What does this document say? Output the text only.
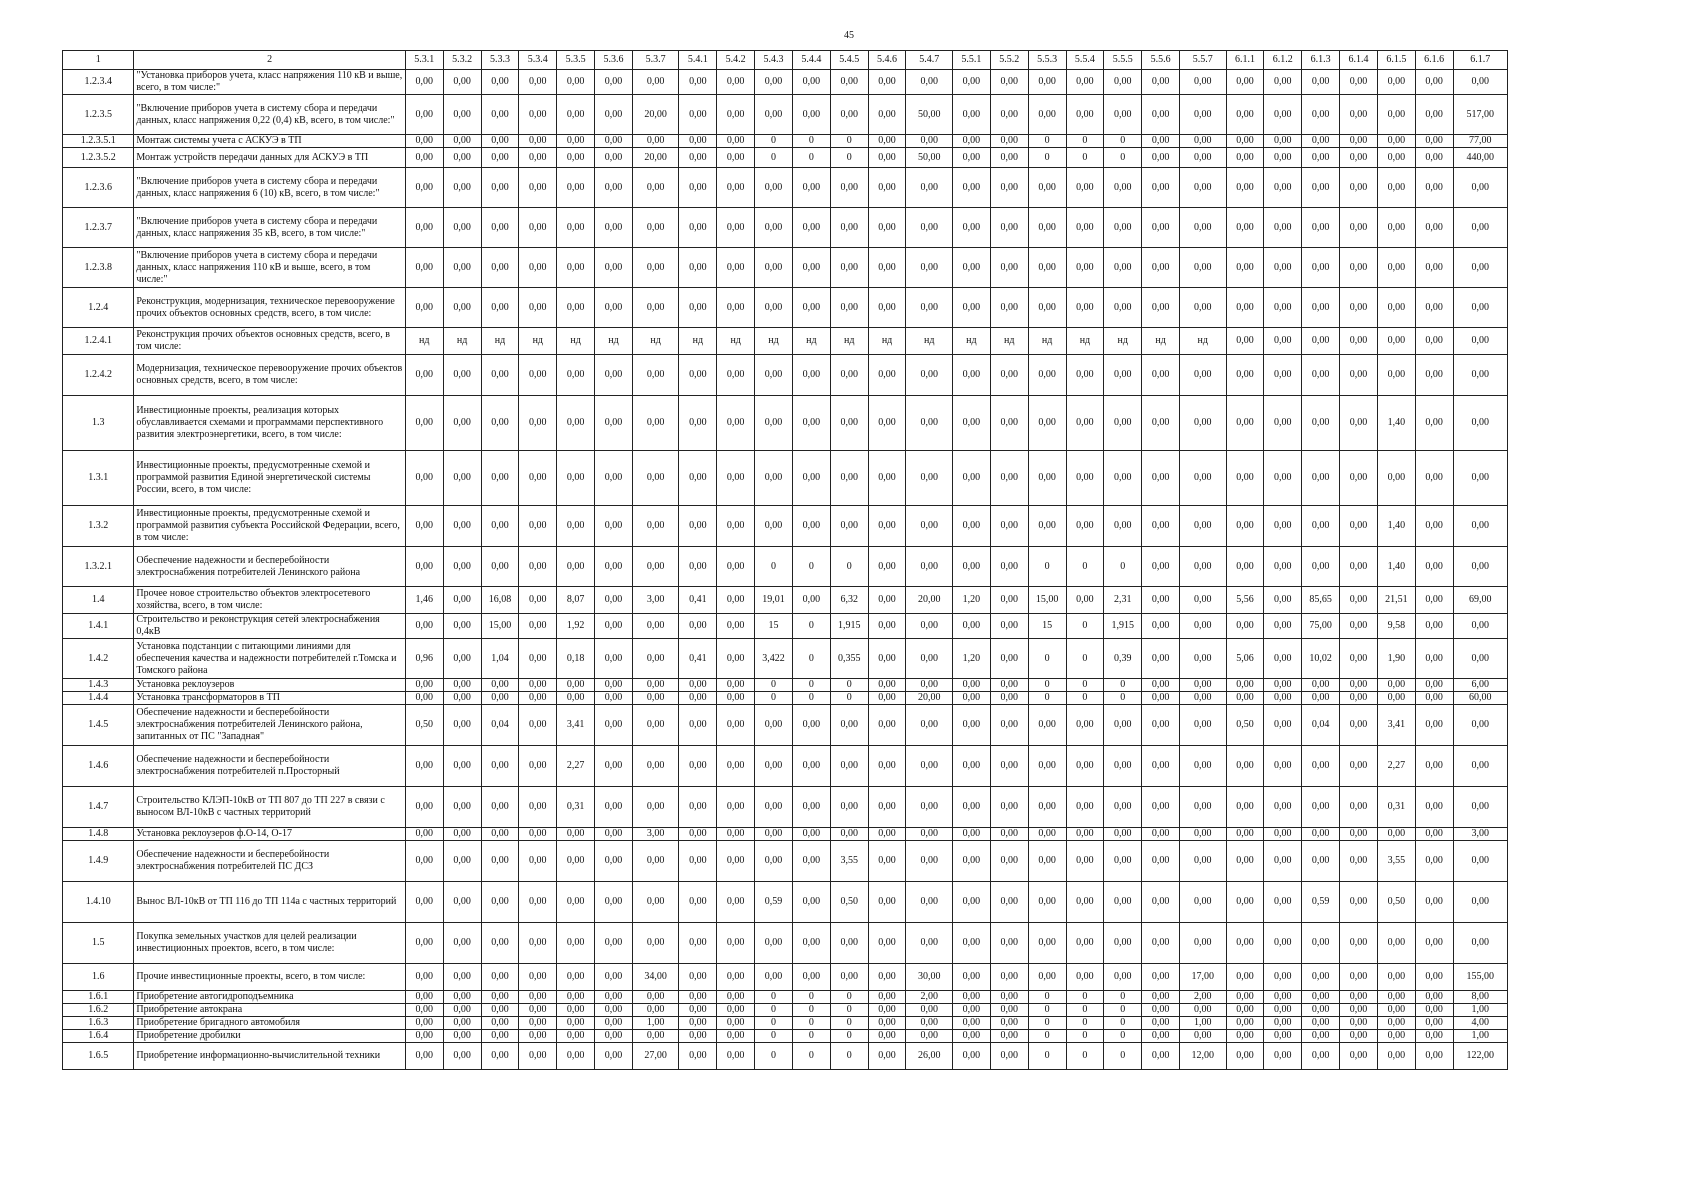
45
1	2	5.3.1	5.3.2	5.3.3	5.3.4	5.3.5	5.3.6	5.3.7	5.4.1	5.4.2	5.4.3	5.4.4	5.4.5	5.4.6	5.4.7	5.5.1	5.5.2	5.5.3	5.5.4	5.5.5	5.5.6	5.5.7	6.1.1	6.1.2	6.1.3	6.1.4	6.1.5	6.1.6	6.1.7
1.2.3.4	"Установка приборов учета, класс напряжения 110 кВ и выше, всего, в том числе:"	0,00	0,00	0,00	0,00	0,00	0,00	0,00	0,00	0,00	0,00	0,00	0,00	0,00	0,00	0,00	0,00	0,00	0,00	0,00	0,00	0,00	0,00	0,00	0,00	0,00	0,00	0,00	0,00
1.2.3.5	"Включение приборов учета в систему сбора и передачи данных, класс напряжения 0,22 (0,4) кВ, всего, в том числе:"	0,00	0,00	0,00	0,00	0,00	0,00	20,00	0,00	0,00	0,00	0,00	0,00	0,00	50,00	0,00	0,00	0,00	0,00	0,00	0,00	0,00	0,00	0,00	0,00	0,00	0,00	0,00	517,00
1.2.3.5.1	Монтаж системы учета с АСКУЭ в ТП	0,00	0,00	0,00	0,00	0,00	0,00	0,00	0,00	0,00	0	0	0	0,00	0,00	0,00	0,00	0	0	0	0,00	0,00	0,00	0,00	0,00	0,00	0,00	0,00	77,00
1.2.3.5.2	Монтаж устройств передачи данных для АСКУЭ в ТП	0,00	0,00	0,00	0,00	0,00	0,00	20,00	0,00	0,00	0	0	0	0,00	50,00	0,00	0,00	0	0	0	0,00	0,00	0,00	0,00	0,00	0,00	0,00	0,00	440,00
1.2.3.6	"Включение приборов учета в систему сбора и передачи данных, класс напряжения 6 (10) кВ, всего, в том числе:"	0,00	0,00	0,00	0,00	0,00	0,00	0,00	0,00	0,00	0,00	0,00	0,00	0,00	0,00	0,00	0,00	0,00	0,00	0,00	0,00	0,00	0,00	0,00	0,00	0,00	0,00	0,00	0,00
1.2.3.7	"Включение приборов учета в систему сбора и передачи данных, класс напряжения 35 кВ, всего, в том числе:"	0,00	0,00	0,00	0,00	0,00	0,00	0,00	0,00	0,00	0,00	0,00	0,00	0,00	0,00	0,00	0,00	0,00	0,00	0,00	0,00	0,00	0,00	0,00	0,00	0,00	0,00	0,00	0,00
1.2.3.8	"Включение приборов учета в систему сбора и передачи данных, класс напряжения 110 кВ и выше, всего, в том числе:"	0,00	0,00	0,00	0,00	0,00	0,00	0,00	0,00	0,00	0,00	0,00	0,00	0,00	0,00	0,00	0,00	0,00	0,00	0,00	0,00	0,00	0,00	0,00	0,00	0,00	0,00	0,00	0,00
1.2.4	Реконструкция, модернизация, техническое перевооружение прочих объектов основных средств, всего, в том числе:	0,00	0,00	0,00	0,00	0,00	0,00	0,00	0,00	0,00	0,00	0,00	0,00	0,00	0,00	0,00	0,00	0,00	0,00	0,00	0,00	0,00	0,00	0,00	0,00	0,00	0,00	0,00	0,00
1.2.4.1	Реконструкция прочих объектов основных средств, всего, в том числе:	нд	нд	нд	нд	нд	нд	нд	нд	нд	нд	нд	нд	нд	нд	нд	нд	нд	нд	нд	нд	нд	0,00	0,00	0,00	0,00	0,00	0,00	0,00
1.2.4.2	Модернизация, техническое перевооружение прочих объектов основных средств, всего, в том числе:	0,00	0,00	0,00	0,00	0,00	0,00	0,00	0,00	0,00	0,00	0,00	0,00	0,00	0,00	0,00	0,00	0,00	0,00	0,00	0,00	0,00	0,00	0,00	0,00	0,00	0,00	0,00	0,00
1.3	Инвестиционные проекты, реализация которых обуславливается схемами и программами перспективного развития электроэнергетики, всего, в том числе:	0,00	0,00	0,00	0,00	0,00	0,00	0,00	0,00	0,00	0,00	0,00	0,00	0,00	0,00	0,00	0,00	0,00	0,00	0,00	0,00	0,00	0,00	0,00	0,00	0,00	1,40	0,00	0,00
1.3.1	Инвестиционные проекты, предусмотренные схемой и программой развития Единой энергетической системы России, всего, в том числе:	0,00	0,00	0,00	0,00	0,00	0,00	0,00	0,00	0,00	0,00	0,00	0,00	0,00	0,00	0,00	0,00	0,00	0,00	0,00	0,00	0,00	0,00	0,00	0,00	0,00	0,00	0,00	0,00
1.3.2	Инвестиционные проекты, предусмотренные схемой и программой развития субъекта Российской Федерации, всего, в том числе:	0,00	0,00	0,00	0,00	0,00	0,00	0,00	0,00	0,00	0,00	0,00	0,00	0,00	0,00	0,00	0,00	0,00	0,00	0,00	0,00	0,00	0,00	0,00	0,00	0,00	1,40	0,00	0,00
1.3.2.1	Обеспечение надежности и бесперебойности электроснабжения потребителей Ленинского района	0,00	0,00	0,00	0,00	0,00	0,00	0,00	0,00	0,00	0	0	0	0,00	0,00	0,00	0,00	0	0	0	0,00	0,00	0,00	0,00	0,00	0,00	1,40	0,00	0,00
1.4	Прочее новое строительство объектов электросетевого хозяйства, всего, в том числе:	1,46	0,00	16,08	0,00	8,07	0,00	3,00	0,41	0,00	19,01	0,00	6,32	0,00	20,00	1,20	0,00	15,00	0,00	2,31	0,00	0,00	5,56	0,00	85,65	0,00	21,51	0,00	69,00
1.4.1	Строительство и реконструкция сетей электроснабжения 0,4кВ	0,00	0,00	15,00	0,00	1,92	0,00	0,00	0,00	0,00	15	0	1,915	0,00	0,00	0,00	0,00	15	0	1,915	0,00	0,00	0,00	0,00	75,00	0,00	9,58	0,00	0,00
1.4.2	Установка подстанции с питающими линиями для обеспечения качества и надежности потребителей г.Томска и Томского района	0,96	0,00	1,04	0,00	0,18	0,00	0,00	0,41	0,00	3,422	0	0,355	0,00	0,00	1,20	0,00	0	0	0,39	0,00	0,00	5,06	0,00	10,02	0,00	1,90	0,00	0,00
1.4.3	Установка реклоузеров	0,00	0,00	0,00	0,00	0,00	0,00	0,00	0,00	0,00	0	0	0	0,00	0,00	0,00	0,00	0	0	0	0,00	0,00	0,00	0,00	0,00	0,00	0,00	0,00	6,00
1.4.4	Установка трансформаторов в ТП	0,00	0,00	0,00	0,00	0,00	0,00	0,00	0,00	0,00	0	0	0	0,00	20,00	0,00	0,00	0	0	0	0,00	0,00	0,00	0,00	0,00	0,00	0,00	0,00	60,00
1.4.5	Обеспечение надежности и бесперебойности электроснабжения потребителей Ленинского района, запитанных от ПС "Западная"	0,50	0,00	0,04	0,00	3,41	0,00	0,00	0,00	0,00	0,00	0,00	0,00	0,00	0,00	0,00	0,00	0,00	0,00	0,00	0,00	0,00	0,50	0,00	0,04	0,00	3,41	0,00	0,00
1.4.6	Обеспечение надежности и бесперебойности электроснабжения потребителей п.Просторный	0,00	0,00	0,00	0,00	2,27	0,00	0,00	0,00	0,00	0,00	0,00	0,00	0,00	0,00	0,00	0,00	0,00	0,00	0,00	0,00	0,00	0,00	0,00	0,00	0,00	2,27	0,00	0,00
1.4.7	Строительство КЛЭП-10кВ от ТП 807 до ТП 227 в связи с выносом ВЛ-10кВ с частных территорий	0,00	0,00	0,00	0,00	0,31	0,00	0,00	0,00	0,00	0,00	0,00	0,00	0,00	0,00	0,00	0,00	0,00	0,00	0,00	0,00	0,00	0,00	0,00	0,00	0,00	0,31	0,00	0,00
1.4.8	Установка реклоузеров ф.О-14, О-17	0,00	0,00	0,00	0,00	0,00	0,00	3,00	0,00	0,00	0,00	0,00	0,00	0,00	0,00	0,00	0,00	0,00	0,00	0,00	0,00	0,00	0,00	0,00	0,00	0,00	0,00	0,00	3,00
1.4.9	Обеспечение надежности и бесперебойности электроснабжения потребителей ПС ДСЗ	0,00	0,00	0,00	0,00	0,00	0,00	0,00	0,00	0,00	0,00	0,00	3,55	0,00	0,00	0,00	0,00	0,00	0,00	0,00	0,00	0,00	0,00	0,00	0,00	0,00	3,55	0,00	0,00
1.4.10	Вынос ВЛ-10кВ от ТП 116 до ТП 114а с частных территорий	0,00	0,00	0,00	0,00	0,00	0,00	0,00	0,00	0,00	0,59	0,00	0,50	0,00	0,00	0,00	0,00	0,00	0,00	0,00	0,00	0,00	0,00	0,00	0,59	0,00	0,50	0,00	0,00
1.5	Покупка земельных участков для целей реализации инвестиционных проектов, всего, в том числе:	0,00	0,00	0,00	0,00	0,00	0,00	0,00	0,00	0,00	0,00	0,00	0,00	0,00	0,00	0,00	0,00	0,00	0,00	0,00	0,00	0,00	0,00	0,00	0,00	0,00	0,00	0,00	0,00
1.6	Прочие инвестиционные проекты, всего, в том числе:	0,00	0,00	0,00	0,00	0,00	0,00	34,00	0,00	0,00	0,00	0,00	0,00	0,00	30,00	0,00	0,00	0,00	0,00	0,00	0,00	17,00	0,00	0,00	0,00	0,00	0,00	0,00	155,00
1.6.1	Приобретение автогидроподъемника	0,00	0,00	0,00	0,00	0,00	0,00	0,00	0,00	0,00	0	0	0	0,00	2,00	0,00	0,00	0	0	0	0,00	2,00	0,00	0,00	0,00	0,00	0,00	0,00	8,00
1.6.2	Приобретение автокрана	0,00	0,00	0,00	0,00	0,00	0,00	0,00	0,00	0,00	0	0	0	0,00	0,00	0,00	0,00	0	0	0	0,00	0,00	0,00	0,00	0,00	0,00	0,00	0,00	1,00
1.6.3	Приобретение бригадного автомобиля	0,00	0,00	0,00	0,00	0,00	0,00	1,00	0,00	0,00	0	0	0	0,00	0,00	0,00	0,00	0	0	0	0,00	1,00	0,00	0,00	0,00	0,00	0,00	0,00	4,00
1.6.4	Приобретение дробилки	0,00	0,00	0,00	0,00	0,00	0,00	0,00	0,00	0,00	0	0	0	0,00	0,00	0,00	0,00	0	0	0	0,00	0,00	0,00	0,00	0,00	0,00	0,00	0,00	1,00
1.6.5	Приобретение информационно-вычислительной техники	0,00	0,00	0,00	0,00	0,00	0,00	27,00	0,00	0,00	0	0	0	0,00	26,00	0,00	0,00	0	0	0	0,00	12,00	0,00	0,00	0,00	0,00	0,00	0,00	122,00
